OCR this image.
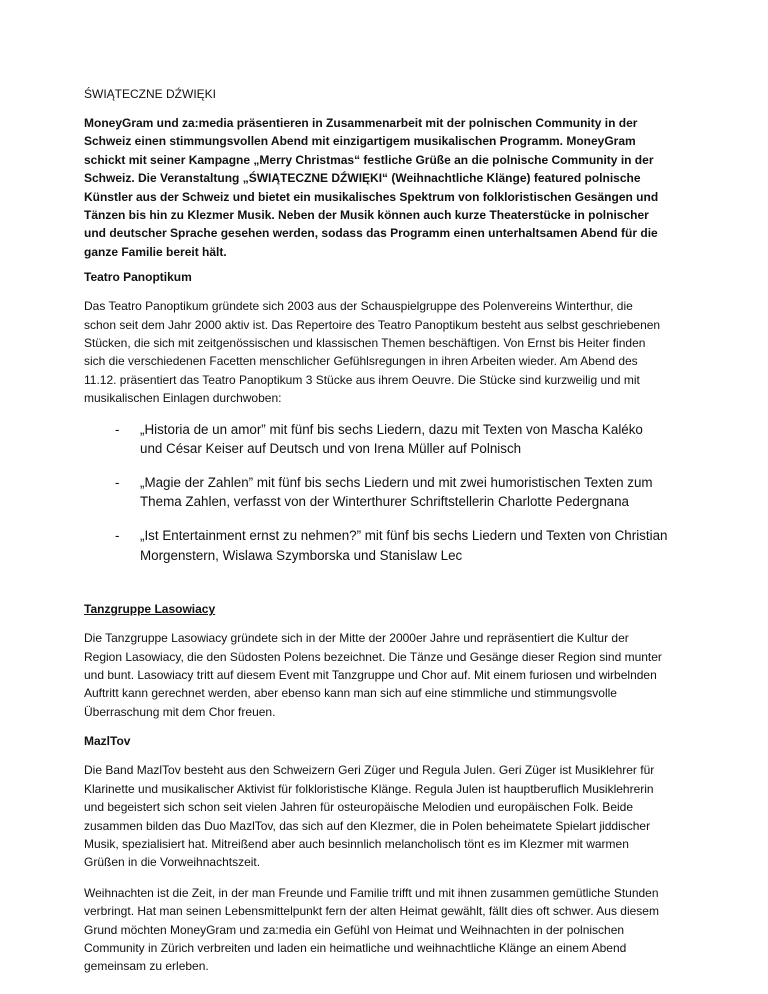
ŚWIĄTECZNE DŹWIĘKI

MoneyGram und za:media präsentieren in Zusammenarbeit mit der polnischen Community in der Schweiz einen stimmungsvollen Abend mit einzigartigem musikalischen Programm. MoneyGram schickt mit seiner Kampagne „Merry Christmas“ festliche Grüße an die polnische Community in der Schweiz. Die Veranstaltung „ŚWIĄTECZNE DŹWIĘKI“ (Weihnachtliche Klänge) featured polnische Künstler aus der Schweiz und bietet ein musikalisches Spektrum von folkloristischen Gesängen und Tänzen bis hin zu Klezmer Musik. Neben der Musik können auch kurze Theaterstücke in polnischer und deutscher Sprache gesehen werden, sodass das Programm einen unterhaltsamen Abend für die ganze Familie bereit hält.

Teatro Panoptikum

Das Teatro Panoptikum gründete sich 2003 aus der Schauspielgruppe des Polenvereins Winterthur, die schon seit dem Jahr 2000 aktiv ist. Das Repertoire des Teatro Panoptikum besteht aus selbst geschriebenen Stücken, die sich mit zeitgenössischen und klassischen Themen beschäftigen. Von Ernst bis Heiter finden sich die verschiedenen Facetten menschlicher Gefühlsregungen in ihren Arbeiten wieder. Am Abend des 11.12. präsentiert das Teatro Panoptikum 3 Stücke aus ihrem Oeuvre. Die Stücke sind kurzweilig und mit musikalischen Einlagen durchwoben:

- „Historia de un amor” mit fünf bis sechs Liedern, dazu mit Texten von Mascha Kaléko und César Keiser auf Deutsch und von Irena Müller auf Polnisch
- „Magie der Zahlen” mit fünf bis sechs Liedern und mit zwei humoristischen Texten zum Thema Zahlen, verfasst von der Winterthurer Schriftstellerin Charlotte Pedergnana
- „Ist Entertainment ernst zu nehmen?” mit fünf bis sechs Liedern und Texten von Christian Morgenstern, Wislawa Szymborska und Stanislaw Lec

Tanzgruppe Lasowiacy

Die Tanzgruppe Lasowiacy gründete sich in der Mitte der 2000er Jahre und repräsentiert die Kultur der Region Lasowiacy, die den Südosten Polens bezeichnet. Die Tänze und Gesänge dieser Region sind munter und bunt. Lasowiacy tritt auf diesem Event mit Tanzgruppe und Chor auf. Mit einem furiosen und wirbelnden Auftritt kann gerechnet werden, aber ebenso kann man sich auf eine stimmliche und stimmungsvolle Überraschung mit dem Chor freuen.

MazlTov

Die Band MazlTov besteht aus den Schweizern Geri Züger und Regula Julen. Geri Züger ist Musiklehrer für Klarinette und musikalischer Aktivist für folkloristische Klänge. Regula Julen ist hauptberuflich Musiklehrerin und begeistert sich schon seit vielen Jahren für osteuropäische Melodien und europäischen Folk. Beide zusammen bilden das Duo MazlTov, das sich auf den Klezmer, die in Polen beheimatete Spielart jiddischer Musik, spezialisiert hat. Mitreißend aber auch besinnlich melancholisch tönt es im Klezmer mit warmen Grüßen in die Vorweihnachtszeit.

Weihnachten ist die Zeit, in der man Freunde und Familie trifft und mit ihnen zusammen gemütliche Stunden verbringt. Hat man seinen Lebensmittelpunkt fern der alten Heimat gewählt, fällt dies oft schwer. Aus diesem Grund möchten MoneyGram und za:media ein Gefühl von Heimat und Weihnachten in der polnischen Community in Zürich verbreiten und laden ein heimatliche und weihnachtliche Klänge an einem Abend gemeinsam zu erleben.
